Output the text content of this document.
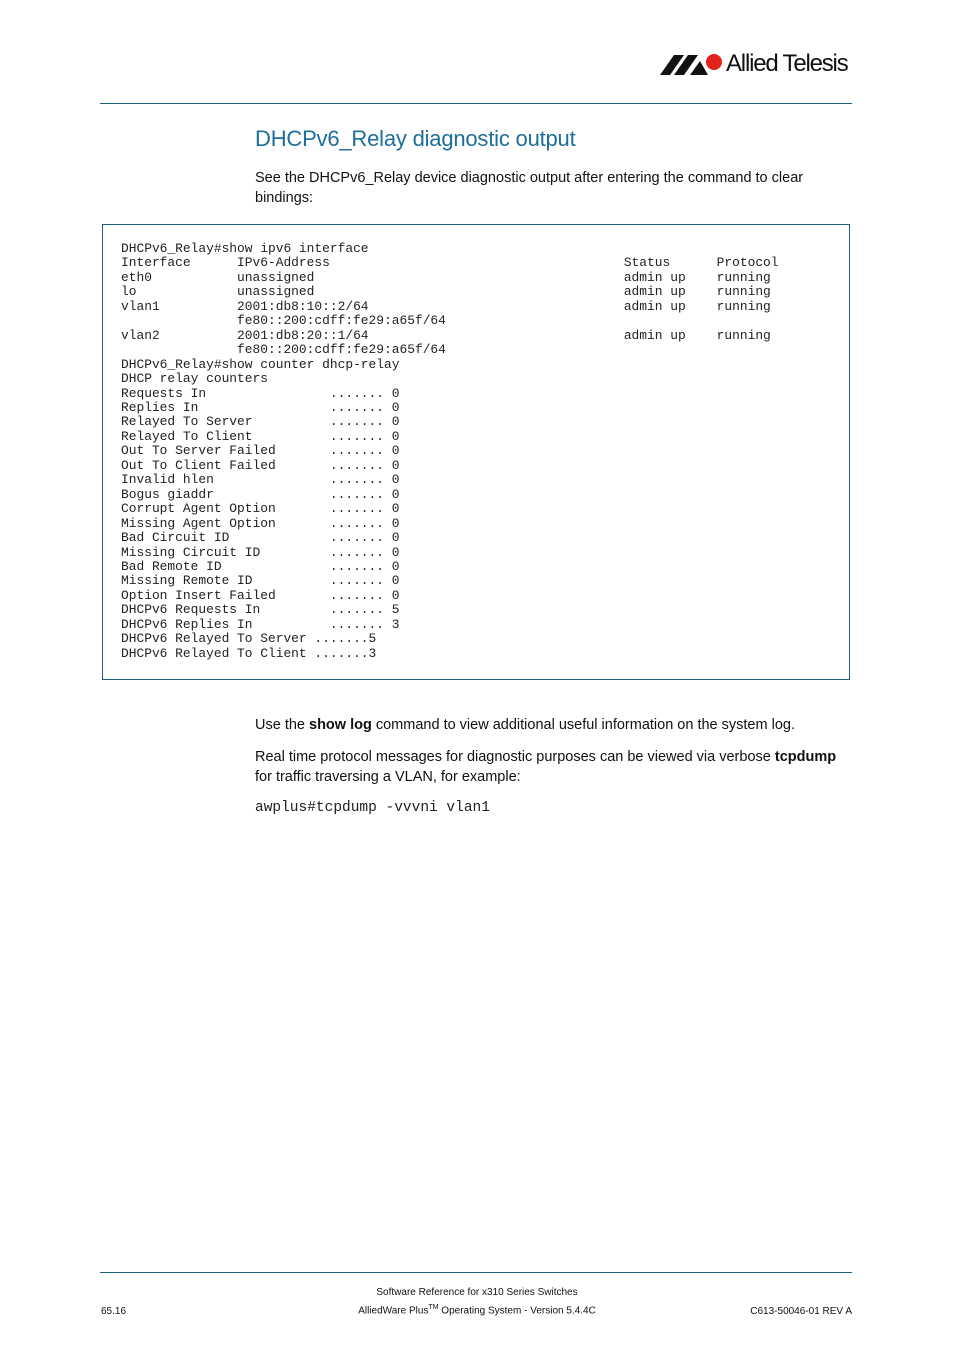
Allied Telesis
DHCPv6_Relay diagnostic output
See the DHCPv6_Relay device diagnostic output after entering the command to clear bindings:
DHCPv6_Relay#show ipv6 interface
Interface      IPv6-Address                                      Status      Protocol
eth0           unassigned                                        admin up    running
lo             unassigned                                        admin up    running
vlan1          2001:db8:10::2/64                                 admin up    running
fe80::200:cdff:fe29:a65f/64
vlan2          2001:db8:20::1/64                                 admin up    running
fe80::200:cdff:fe29:a65f/64
DHCPv6_Relay#show counter dhcp-relay
DHCP relay counters
Requests In                ....... 0
Replies In                 ....... 0
Relayed To Server          ....... 0
Relayed To Client          ....... 0
Out To Server Failed       ....... 0
Out To Client Failed       ....... 0
Invalid hlen               ....... 0
Bogus giaddr               ....... 0
Corrupt Agent Option       ....... 0
Missing Agent Option       ....... 0
Bad Circuit ID             ....... 0
Missing Circuit ID         ....... 0
Bad Remote ID              ....... 0
Missing Remote ID          ....... 0
Option Insert Failed       ....... 0
DHCPv6 Requests In         ....... 5
DHCPv6 Replies In          ....... 3
DHCPv6 Relayed To Server .......5
DHCPv6 Relayed To Client .......3
Use the show log command to view additional useful information on the system log.
Real time protocol messages for diagnostic purposes can be viewed via verbose tcpdump for traffic traversing a VLAN, for example:
awplus#tcpdump -vvvni vlan1
Software Reference for x310 Series Switches
AlliedWare Plus™ Operating System - Version 5.4.4C
65.16	C613-50046-01 REV A
